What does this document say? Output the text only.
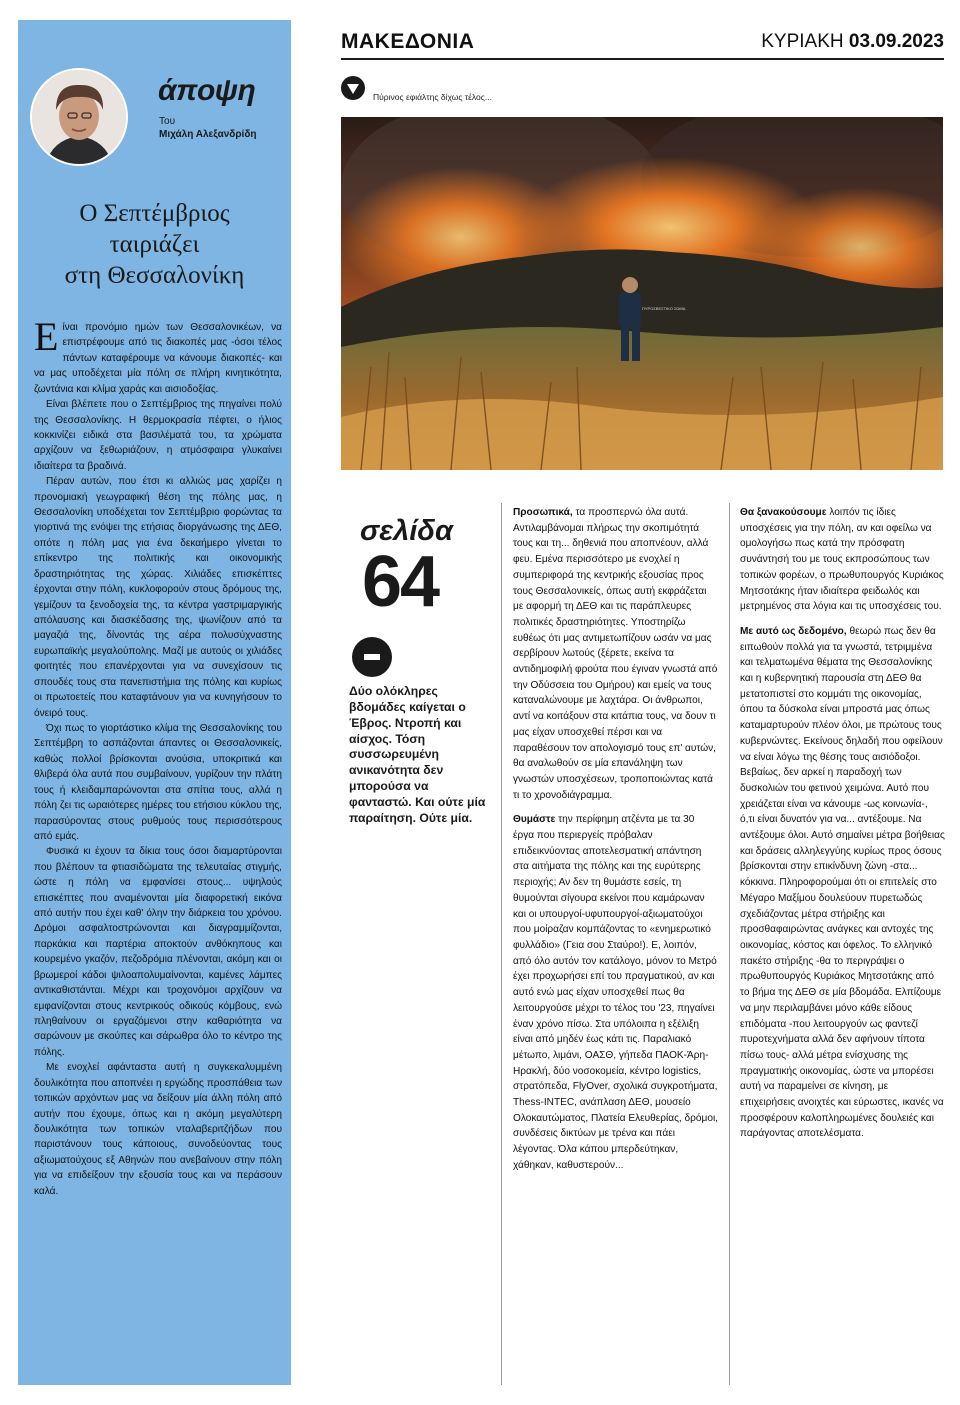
άποψη
Του
Μιχάλη Αλεξανδρίδη
Ο Σεπτέμβριος
ταιριάζει
στη Θεσσαλονίκη

Είναι προνόμιο ημών των Θεσσαλονικέων, να επιστρέφουμε από τις διακοπές μας -όσοι τέλος πάντων καταφέρουμε να κάνουμε διακοπές- και να μας υποδέχεται μία πόλη σε πλήρη κινητικότητα, ζωντάνια και κλίμα χαράς και αισιοδοξίας.

Είναι βλέπετε που ο Σεπτέμβριος της πηγαίνει πολύ της Θεσσαλονίκης. Η θερμοκρασία πέφτει, ο ήλιος κοκκινίζει ειδικά στα βασιλέματά του, τα χρώματα αρχίζουν να ξεθωριάζουν, η ατμόσφαιρα γλυκαίνει ιδιαίτερα τα βραδινά.

Πέραν αυτών, που έτσι κι αλλιώς μας χαρίζει η προνομιακή γεωγραφική θέση της πόλης μας, η Θεσσαλονίκη υποδέχεται τον Σεπτέμβριο φορώντας τα γιορτινά της ενόψει της ετήσιας διοργάνωσης της ΔΕΘ, οπότε η πόλη μας για ένα δεκαήμερο γίνεται το επίκεντρο της πολιτικής και οικονομικής δραστηριότητας της χώρας. Χιλιάδες επισκέπτες έρχονται στην πόλη, κυκλοφορούν στους δρόμους της, γεμίζουν τα ξενοδοχεία της, τα κέντρα γαστριμαργικής απόλαυσης και διασκέδασης της, ψωνίζουν από τα μαγαζιά της, δίνοντάς της αέρα πολυσύχναστης ευρωπαϊκής μεγαλούπολης. Μαζί με αυτούς οι χιλιάδες φοιτητές που επανέρχονται για να συνεχίσουν τις σπουδές τους στα πανεπιστήμια της πόλης και κυρίως οι πρωτοετείς που καταφτάνουν για να κυνηγήσουν το όνειρό τους.

Όχι πως το γιορτάστικο κλίμα της Θεσσαλονίκης του Σεπτέμβρη το ασπάζονται άπαντες οι Θεσσαλονικείς, καθώς πολλοί βρίσκονται ανούσια, υποκριτικά και θλιβερά όλα αυτά που συμβαίνουν, γυρίζουν την πλάτη τους ή κλειδαμπαρώνονται στα σπίτια τους, αλλά η πόλη ζει τις ωραιότερες ημέρες του ετήσιου κύκλου της, παρασύροντας στους ρυθμούς τους περισσότερους από εμάς.

Φυσικά κι έχουν τα δίκια τους όσοι διαμαρτύρονται που βλέπουν τα φτιασιδώματα της τελευταίας στιγμής, ώστε η πόλη να εμφανίσει στους... υψηλούς επισκέπτες που αναμένονται μία διαφορετική εικόνα από αυτήν που έχει καθ' όλην την διάρκεια του χρόνου. Δρόμοι ασφαλτοστρώνονται και διαγραμμίζονται, παρκάκια και παρτέρια αποκτούν ανθόκηπους και κουρεμένο γκαζόν, πεζοδρόμια πλένονται, ακόμη και οι βρωμεροί κάδοι ψιλοαπολυμαίνονται, καμένες λάμπες αντικαθιστάνται. Μέχρι και τροχονόμοι αρχίζουν να εμφανίζονται στους κεντρικούς οδικούς κόμβους, ενώ πληθαίνουν οι εργαζόμενοι στην καθαριότητα να σαρώνουν με σκούπες και σάρωθρα όλο το κέντρο της πόλης.

Με ενοχλεί αφάνταστα αυτή η συγκεκαλυμμένη δουλικότητα που αποπνέει η εργώδης προσπάθεια των τοπικών αρχόντων μας να δείξουν μία άλλη πόλη από αυτήν που έχουμε, όπως και η ακόμη μεγαλύτερη δουλικότητα των τοπικών νταλαβεριτζήδων που παριστάνουν τους κάποιους, συνοδεύοντας τους αξιωματούχους εξ Αθηνών που ανεβαίνουν στην πόλη για να επιδείξουν την εξουσία τους και να περάσουν καλά.

ΜΑΚΕΔΟΝΙΑ	ΚΥΡΙΑΚΗ 03.09.2023
Πύρινος εφιάλτης δίχως τέλος...
ΠΥΡΟΣΒΕΣΤΙΚΟ ΣΩΜΑ
σελίδα
64
Δύο ολόκληρες βδομάδες καίγεται ο Έβρος. Ντροπή και αίσχος. Τόση συσσωρευμένη ανικανότητα δεν μπορούσα να φανταστώ. Και ούτε μία παραίτηση. Ούτε μία.

Προσωπικά, τα προσπερνώ όλα αυτά. Αντιλαμβάνομαι πλήρως την σκοπιμότητά τους και τη... δηθενιά που αποπνέουν, αλλά φευ. Εμένα περισσότερο με ενοχλεί η συμπεριφορά της κεντρικής εξουσίας προς τους Θεσσαλονικείς, όπως αυτή εκφράζεται με αφορμή τη ΔΕΘ και τις παράπλευρες πολιτικές δραστηριότητες. Υποστηρίζω ευθέως ότι μας αντιμετωπίζουν ωσάν να μας σερβίρουν λωτούς (ξέρετε, εκείνα τα αντιδημοφιλή φρούτα που έγιναν γνωστά από την Οδύσσεια του Ομήρου) και εμείς να τους καταναλώνουμε με λαχτάρα. Οι άνθρωποι, αντί να κοιτάξουν στα κιτάπια τους, να δουν τι μας είχαν υποσχεθεί πέρσι και να παραθέσουν τον απολογισμό τους επ' αυτών, θα αναλωθούν σε μία επανάληψη των γνωστών υποσχέσεων, τροποποιώντας κατά τι το χρονοδιάγραμμα.

Θυμάστε την περίφημη ατζέντα με τα 30 έργα που περιεργείς πρόβαλαν επιδεικνύοντας αποτελεσματική απάντηση στα αιτήματα της πόλης και της ευρύτερης περιοχής; Αν δεν τη θυμάστε εσείς, τη θυμούνται σίγουρα εκείνοι που καμάρωναν και οι υπουργοί-υφυπουργοί-αξιωματούχοι που μοίραζαν κομπάζοντας το «ενημερωτικό φυλλάδιο» (Γεια σου Σταύρο!). Ε, λοιπόν, από όλο αυτόν τον κατάλογο, μόνον το Μετρό έχει προχωρήσει επί του πραγματικού, αν και αυτό ενώ μας είχαν υποσχεθεί πως θα λειτουργούσε μέχρι το τέλος του '23, πηγαίνει έναν χρόνο πίσω. Στα υπόλοιπα η εξέλιξη είναι από μηδέν έως κάτι τις. Παραλιακό μέτωπο, λιμάνι, ΟΑΣΘ, γήπεδα ΠΑΟΚ-Άρη-Ηρακλή, δύο νοσοκομεία, κέντρο logistics, στρατόπεδα, FlyOver, σχολικά συγκροτήματα, Thess-INTEC, ανάπλαση ΔΕΘ, μουσείο Ολοκαυτώματος, Πλατεία Ελευθερίας, δρόμοι, συνδέσεις δικτύων με τρένα και πάει λέγοντας. Όλα κάπου μπερδεύτηκαν, χάθηκαν, καθυστερούν...

Θα ξανακούσουμε λοιπόν τις ίδιες υποσχέσεις για την πόλη, αν και οφείλω να ομολογήσω πως κατά την πρόσφατη συνάντησή του με τους εκπροσώπους των τοπικών φορέων, ο πρωθυπουργός Κυριάκος Μητσοτάκης ήταν ιδιαίτερα φειδωλός και μετρημένος στα λόγια και τις υποσχέσεις του.

Με αυτό ως δεδομένο, θεωρώ πως δεν θα ειπωθούν πολλά για τα γνωστά, τετριμμένα και τελματωμένα θέματα της Θεσσαλονίκης και η κυβερνητική παρουσία στη ΔΕΘ θα μετατοπιστεί στο κομμάτι της οικονομίας, όπου τα δύσκολα είναι μπροστά μας όπως καταμαρτυρούν πλέον όλοι, με πρώτους τους κυβερνώντες. Εκείνους δηλαδή που οφείλουν να είναι λόγω της θέσης τους αισιόδοξοι. Βεβαίως, δεν αρκεί η παραδοχή των δυσκολιών του φετινού χειμώνα. Αυτό που χρειάζεται είναι να κάνουμε -ως κοινωνία-, ό,τι είναι δυνατόν για να... αντέξουμε. Να αντέξουμε όλοι. Αυτό σημαίνει μέτρα βοήθειας και δράσεις αλληλεγγύης κυρίως προς όσους βρίσκονται στην επικίνδυνη ζώνη -στα... κόκκινα. Πληροφορούμαι ότι οι επιτελείς στο Μέγαρο Μαξίμου δουλεύουν πυρετωδώς σχεδιάζοντας μέτρα στήριξης και προσθαφαιρώντας ανάγκες και αντοχές της οικονομίας, κόστος και όφελος. Το ελληνικό πακέτο στήριξης -θα το περιγράψει ο πρωθυπουργός Κυριάκος Μητσοτάκης από το βήμα της ΔΕΘ σε μία βδομάδα. Ελπίζουμε να μην περιλαμβάνει μόνο κάθε είδους επιδόματα -που λειτουργούν ως φαντεζί πυροτεχνήματα αλλά δεν αφήνουν τίποτα πίσω τους- αλλά μέτρα ενίσχυσης της πραγματικής οικονομίας, ώστε να μπορέσει αυτή να παραμείνει σε κίνηση, με επιχειρήσεις ανοιχτές και εύρωστες, ικανές να προσφέρουν καλοπληρωμένες δουλειές και παράγοντας αποτελέσματα.
